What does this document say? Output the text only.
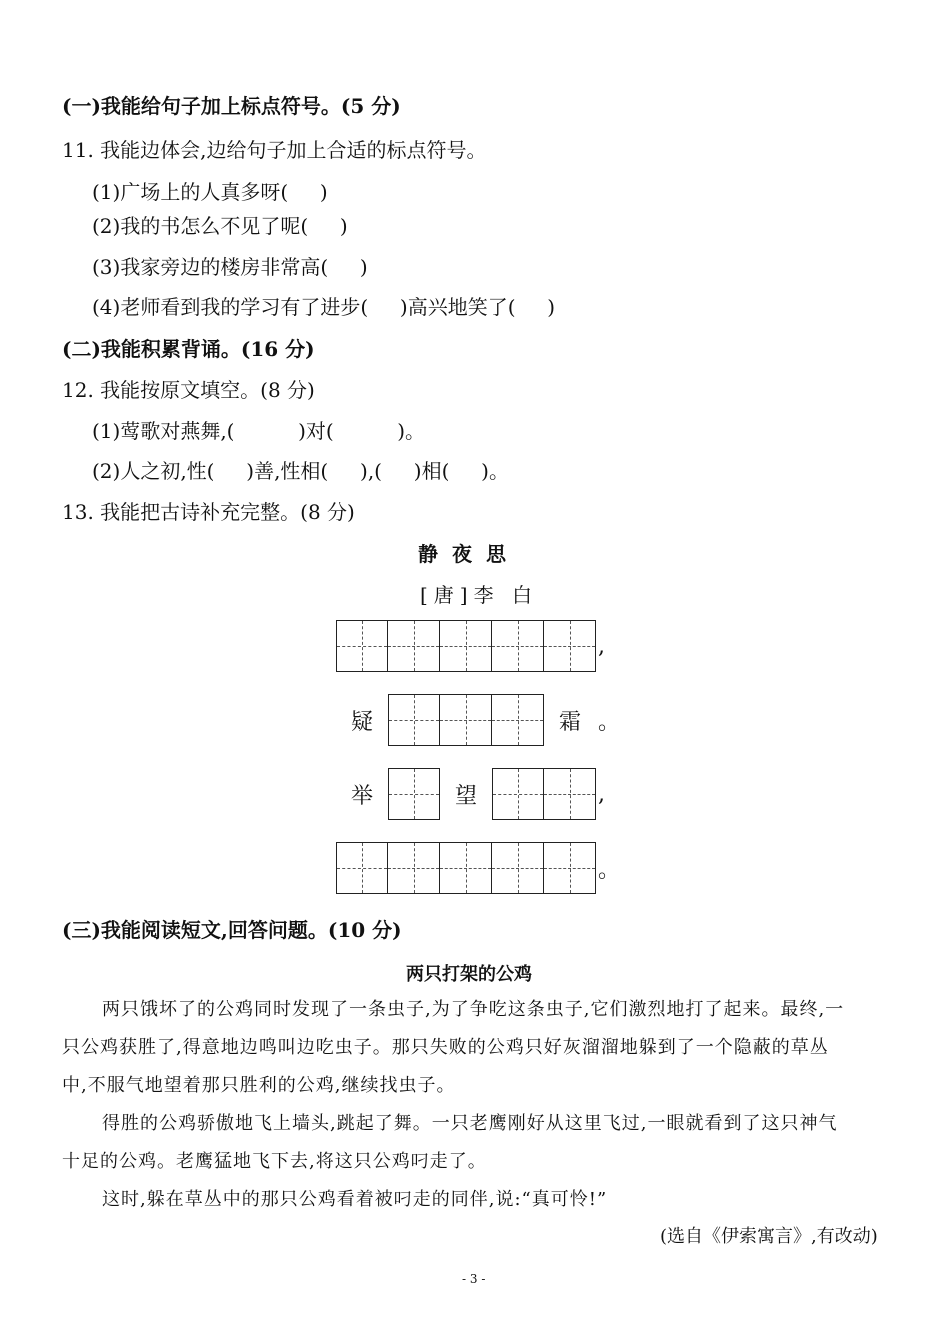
(一)我能给句子加上标点符号。(5 分)
11. 我能边体会,边给句子加上合适的标点符号。
(1)广场上的人真多呀(     )
(2)我的书怎么不见了呢(     )
(3)我家旁边的楼房非常高(     )
(4)老师看到我的学习有了进步(     )高兴地笑了(     )
(二)我能积累背诵。(16 分)
12. 我能按原文填空。(8 分)
(1)莺歌对燕舞,(          )对(          )。
(2)人之初,性(     )善,性相(     ),(     )相(     )。
13. 我能把古诗补充完整。(8 分)
静夜思
[唐]李 白
,
疑	霜 。
举	望	,
。
(三)我能阅读短文,回答问题。(10 分)
两只打架的公鸡
两只饿坏了的公鸡同时发现了一条虫子,为了争吃这条虫子,它们激烈地打了起来。最终,一
只公鸡获胜了,得意地边鸣叫边吃虫子。那只失败的公鸡只好灰溜溜地躲到了一个隐蔽的草丛
中,不服气地望着那只胜利的公鸡,继续找虫子。
得胜的公鸡骄傲地飞上墙头,跳起了舞。一只老鹰刚好从这里飞过,一眼就看到了这只神气
十足的公鸡。老鹰猛地飞下去,将这只公鸡叼走了。
这时,躲在草丛中的那只公鸡看着被叼走的同伴,说:“真可怜!”
(选自《伊索寓言》,有改动)
- 3 -
